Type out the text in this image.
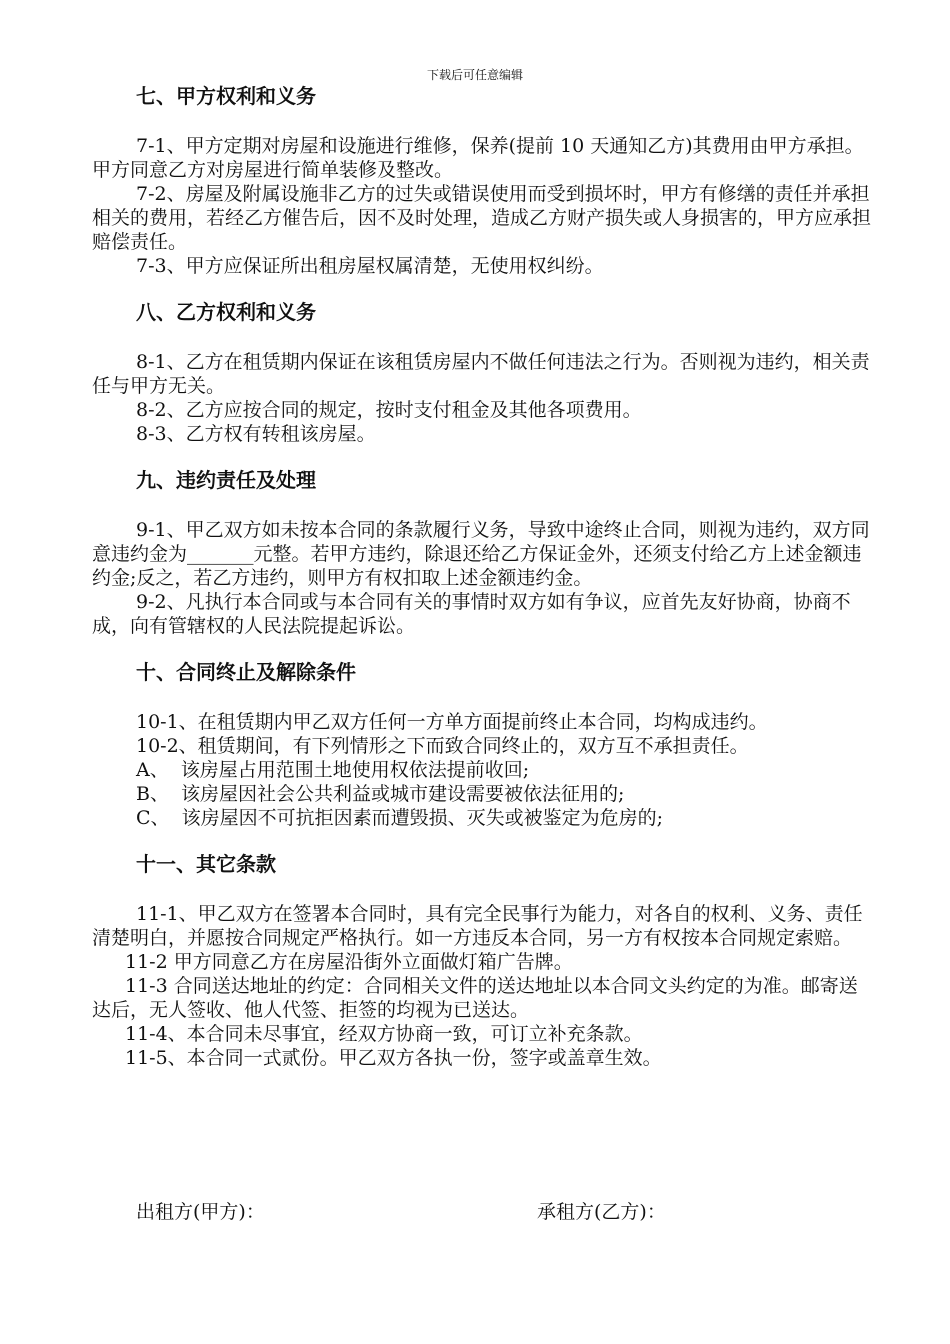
下载后可任意编辑
七、甲方权利和义务

7-1、甲方定期对房屋和设施进行维修，保养(提前 10 天通知乙方)其费用由甲方承担。甲方同意乙方对房屋进行简单装修及整改。

7-2、房屋及附属设施非乙方的过失或错误使用而受到损坏时，甲方有修缮的责任并承担相关的费用，若经乙方催告后，因不及时处理，造成乙方财产损失或人身损害的，甲方应承担赔偿责任。

7-3、甲方应保证所出租房屋权属清楚，无使用权纠纷。

八、乙方权利和义务

8-1、乙方在租赁期内保证在该租赁房屋内不做任何违法之行为。否则视为违约，相关责任与甲方无关。

8-2、乙方应按合同的规定，按时支付租金及其他各项费用。

8-3、乙方权有转租该房屋。

九、违约责任及处理

9-1、甲乙双方如未按本合同的条款履行义务，导致中途终止合同，则视为违约，双方同意违约金为_______元整。若甲方违约，除退还给乙方保证金外，还须支付给乙方上述金额违约金;反之，若乙方违约，则甲方有权扣取上述金额违约金。

9-2、凡执行本合同或与本合同有关的事情时双方如有争议，应首先友好协商，协商不成，向有管辖权的人民法院提起诉讼。

十、合同终止及解除条件

10-1、在租赁期内甲乙双方任何一方单方面提前终止本合同，均构成违约。

10-2、租赁期间，有下列情形之下而致合同终止的，双方互不承担责任。

A、  该房屋占用范围土地使用权依法提前收回;

B、  该房屋因社会公共利益或城市建设需要被依法征用的;

C、  该房屋因不可抗拒因素而遭毁损、灭失或被鉴定为危房的;

十一、其它条款

11-1、甲乙双方在签署本合同时，具有完全民事行为能力，对各自的权利、义务、责任清楚明白，并愿按合同规定严格执行。如一方违反本合同，另一方有权按本合同规定索赔。

11-2 甲方同意乙方在房屋沿街外立面做灯箱广告牌。

11-3 合同送达地址的约定：合同相关文件的送达地址以本合同文头约定的为准。邮寄送达后，无人签收、他人代签、拒签的均视为已送达。

11-4、本合同未尽事宜，经双方协商一致，可订立补充条款。

11-5、本合同一式贰份。甲乙双方各执一份，签字或盖章生效。

出租方(甲方)：	承租方(乙方)：
